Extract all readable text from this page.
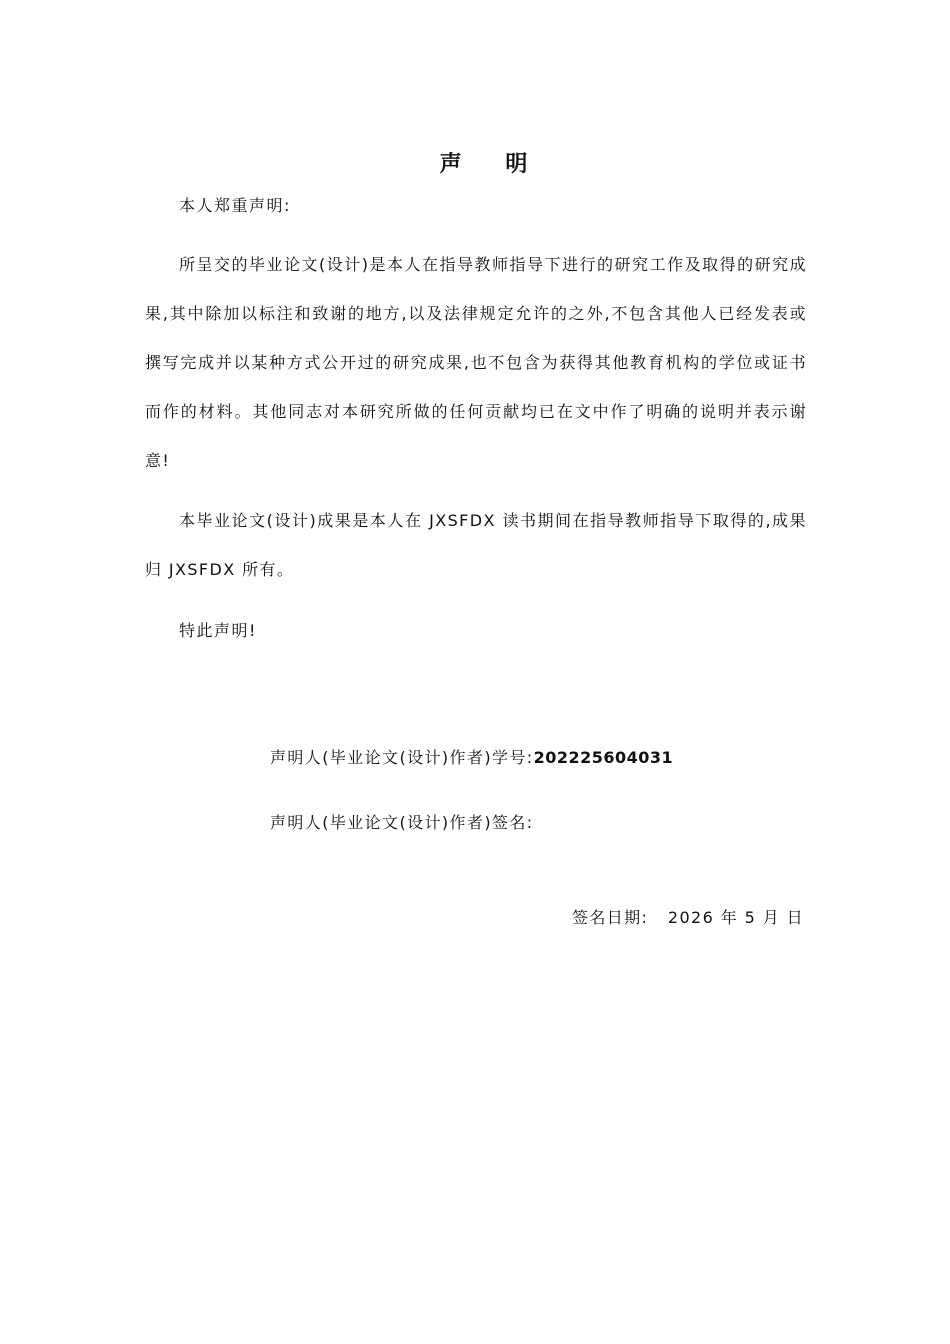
声 明
本人郑重声明:
所呈交的毕业论文(设计)是本人在指导教师指导下进行的研究工作及取得的研究成果,其中除加以标注和致谢的地方,以及法律规定允许的之外,不包含其他人已经发表或撰写完成并以某种方式公开过的研究成果,也不包含为获得其他教育机构的学位或证书而作的材料。其他同志对本研究所做的任何贡献均已在文中作了明确的说明并表示谢意!
本毕业论文(设计)成果是本人在 JXSFDX 读书期间在指导教师指导下取得的,成果归 JXSFDX 所有。
特此声明!
声明人(毕业论文(设计)作者)学号:202225604031
声明人(毕业论文(设计)作者)签名:
签名日期: 2026 年 5 月 日
